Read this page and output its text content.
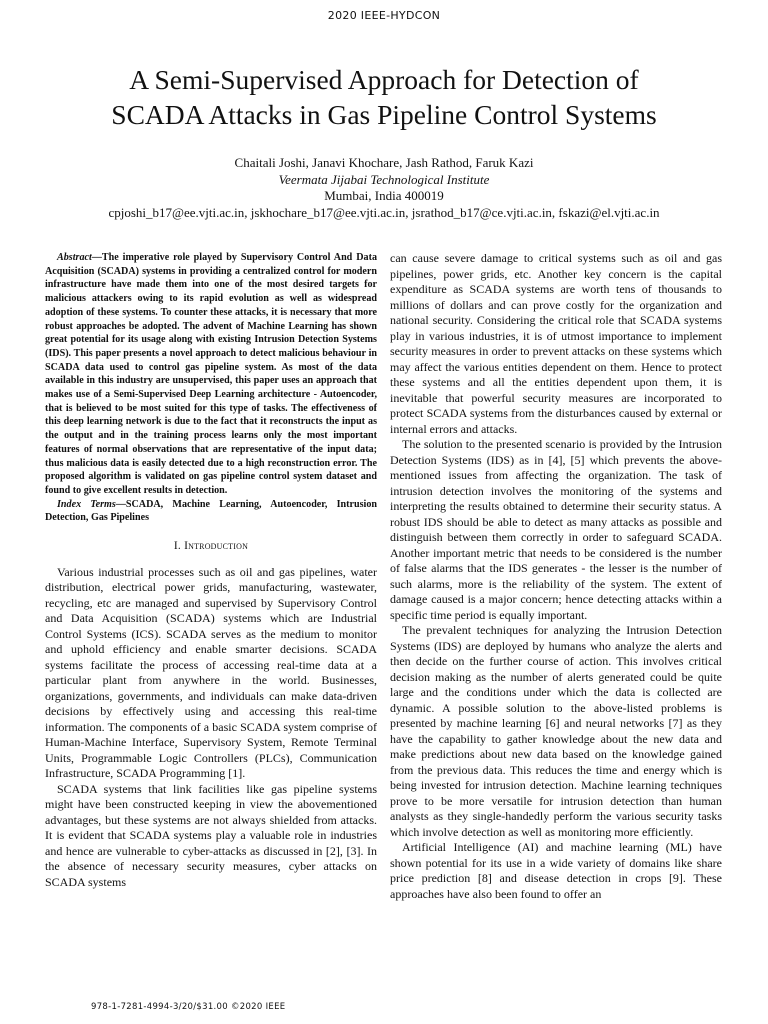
2020 IEEE-HYDCON
A Semi-Supervised Approach for Detection of
SCADA Attacks in Gas Pipeline Control Systems
Chaitali Joshi, Janavi Khochare, Jash Rathod, Faruk Kazi
Veermata Jijabai Technological Institute
Mumbai, India 400019
cpjoshi_b17@ee.vjti.ac.in, jskhochare_b17@ee.vjti.ac.in, jsrathod_b17@ce.vjti.ac.in, fskazi@el.vjti.ac.in

Abstract—The imperative role played by Supervisory Control And Data Acquisition (SCADA) systems in providing a centralized control for modern infrastructure have made them into one of the most desired targets for malicious attackers owing to its rapid evolution as well as widespread adoption of these systems. To counter these attacks, it is necessary that more robust approaches be adopted. The advent of Machine Learning has shown great potential for its usage along with existing Intrusion Detection Systems (IDS). This paper presents a novel approach to detect malicious behaviour in SCADA data used to control gas pipeline system. As most of the data available in this industry are unsupervised, this paper uses an approach that makes use of a Semi-Supervised Deep Learning architecture - Autoencoder, that is believed to be most suited for this type of tasks. The effectiveness of this deep learning network is due to the fact that it reconstructs the input as the output and in the training process learns only the most important features of normal observations that are representative of the input data; thus malicious data is easily detected due to a high reconstruction error. The proposed algorithm is validated on gas pipeline control system dataset and found to give excellent results in detection.

Index Terms—SCADA, Machine Learning, Autoencoder, Intrusion Detection, Gas Pipelines

I. Introduction

Various industrial processes such as oil and gas pipelines, water distribution, electrical power grids, manufacturing, wastewater, recycling, etc are managed and supervised by Supervisory Control and Data Acquisition (SCADA) systems which are Industrial Control Systems (ICS). SCADA serves as the medium to monitor and uphold efficiency and enable smarter decisions. SCADA systems facilitate the process of accessing real-time data at a particular plant from anywhere in the world. Businesses, organizations, governments, and individuals can make data-driven decisions by effectively using and accessing this real-time information. The components of a basic SCADA system comprise of Human-Machine Interface, Supervisory System, Remote Terminal Units, Programmable Logic Controllers (PLCs), Communication Infrastructure, SCADA Programming [1].

SCADA systems that link facilities like gas pipeline systems might have been constructed keeping in view the abovementioned advantages, but these systems are not always shielded from attacks. It is evident that SCADA systems play a valuable role in industries and hence are vulnerable to cyber-attacks as discussed in [2], [3]. In the absence of necessary security measures, cyber attacks on SCADA systems

can cause severe damage to critical systems such as oil and gas pipelines, power grids, etc. Another key concern is the capital expenditure as SCADA systems are worth tens of thousands to millions of dollars and can prove costly for the organization and national security. Considering the critical role that SCADA systems play in various industries, it is of utmost importance to implement security measures in order to prevent attacks on these systems which may affect the various entities dependent on them. Hence to protect these systems and all the entities dependent upon them, it is inevitable that powerful security measures are incorporated to protect SCADA systems from the disturbances caused by external or internal errors and attacks.

The solution to the presented scenario is provided by the Intrusion Detection Systems (IDS) as in [4], [5] which prevents the above-mentioned issues from affecting the organization. The task of intrusion detection involves the monitoring of the systems and interpreting the results obtained to determine their security status. A robust IDS should be able to detect as many attacks as possible and distinguish between them correctly in order to safeguard SCADA. Another important metric that needs to be considered is the number of false alarms that the IDS generates - the lesser is the number of such alarms, more is the reliability of the system. The extent of damage caused is a major concern; hence detecting attacks within a specific time period is equally important.

The prevalent techniques for analyzing the Intrusion Detection Systems (IDS) are deployed by humans who analyze the alerts and then decide on the further course of action. This involves critical decision making as the number of alerts generated could be quite large and the conditions under which the data is collected are dynamic. A possible solution to the above-listed problems is presented by machine learning [6] and neural networks [7] as they have the capability to gather knowledge about the new data and make predictions about new data based on the knowledge gained from the previous data. This reduces the time and energy which is being invested for intrusion detection. Machine learning techniques prove to be more versatile for intrusion detection than human analysts as they single-handedly perform the various security tasks which involve detection as well as monitoring more efficiently.

Artificial Intelligence (AI) and machine learning (ML) have shown potential for its use in a wide variety of domains like share price prediction [8] and disease detection in crops [9]. These approaches have also been found to offer an

978-1-7281-4994-3/20/$31.00 ©2020 IEEE
